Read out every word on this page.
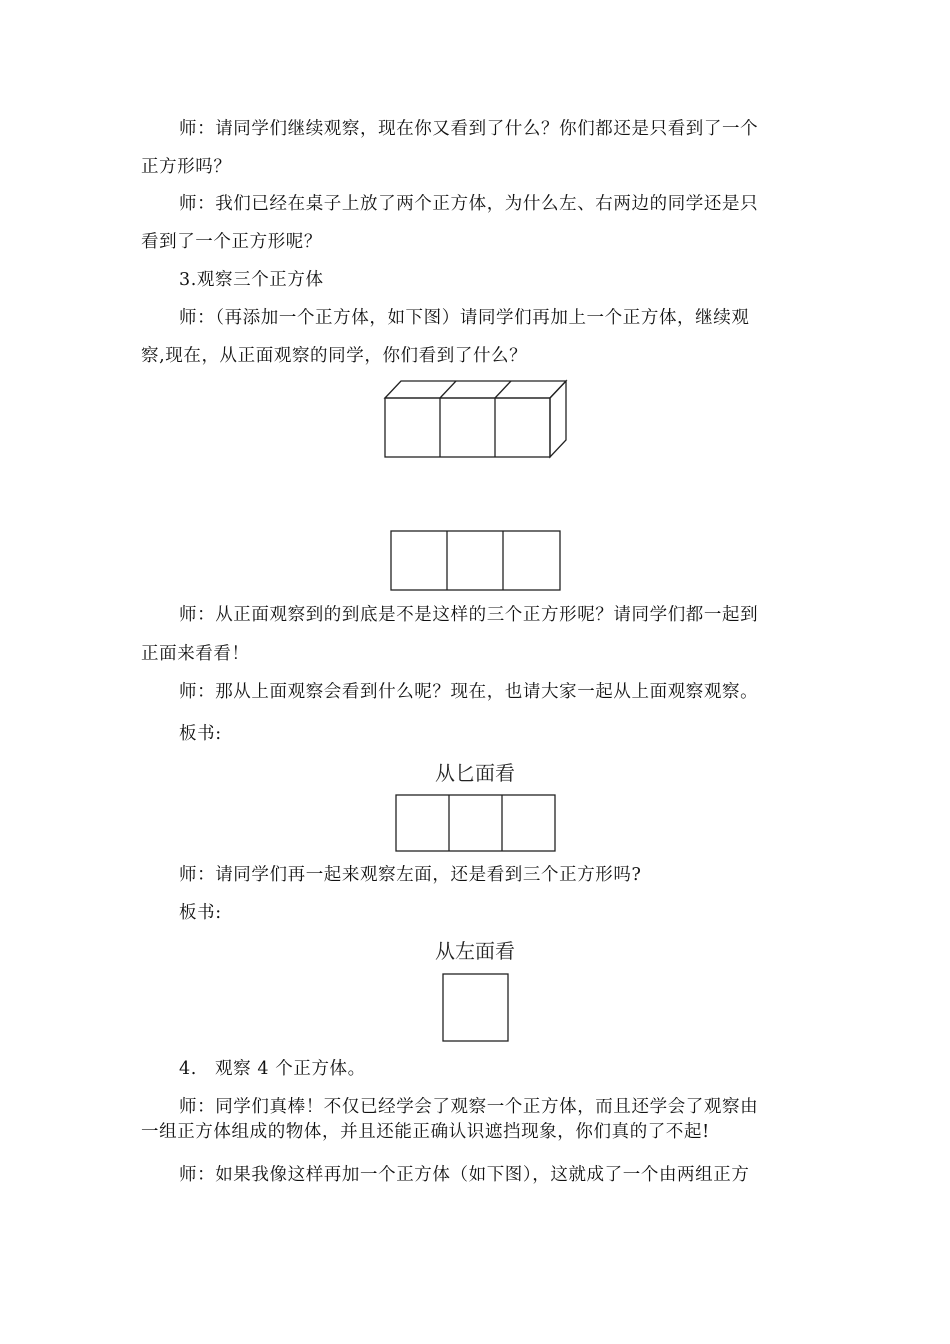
师：请同学们继续观察，现在你又看到了什么？你们都还是只看到了一个
正方形吗？
师：我们已经在桌子上放了两个正方体，为什么左、右两边的同学还是只
看到了一个正方形呢？
3.观察三个正方体
师：（再添加一个正方体，如下图）请同学们再加上一个正方体，继续观
察,现在，从正面观察的同学，你们看到了什么？
师：从正面观察到的到底是不是这样的三个正方形呢？请同学们都一起到
正面来看看！
师：那从上面观察会看到什么呢？现在，也请大家一起从上面观察观察。
板书:
从匕面看
师：请同学们再一起来观察左面，还是看到三个正方形吗?
板书:
从左面看
4.　观察 4 个正方体。
师：同学们真棒！不仅已经学会了观察一个正方体，而且还学会了观察由
一组正方体组成的物体，并且还能正确认识遮挡现象，你们真的了不起!
师：如果我像这样再加一个正方体（如下图），这就成了一个由两组正方
